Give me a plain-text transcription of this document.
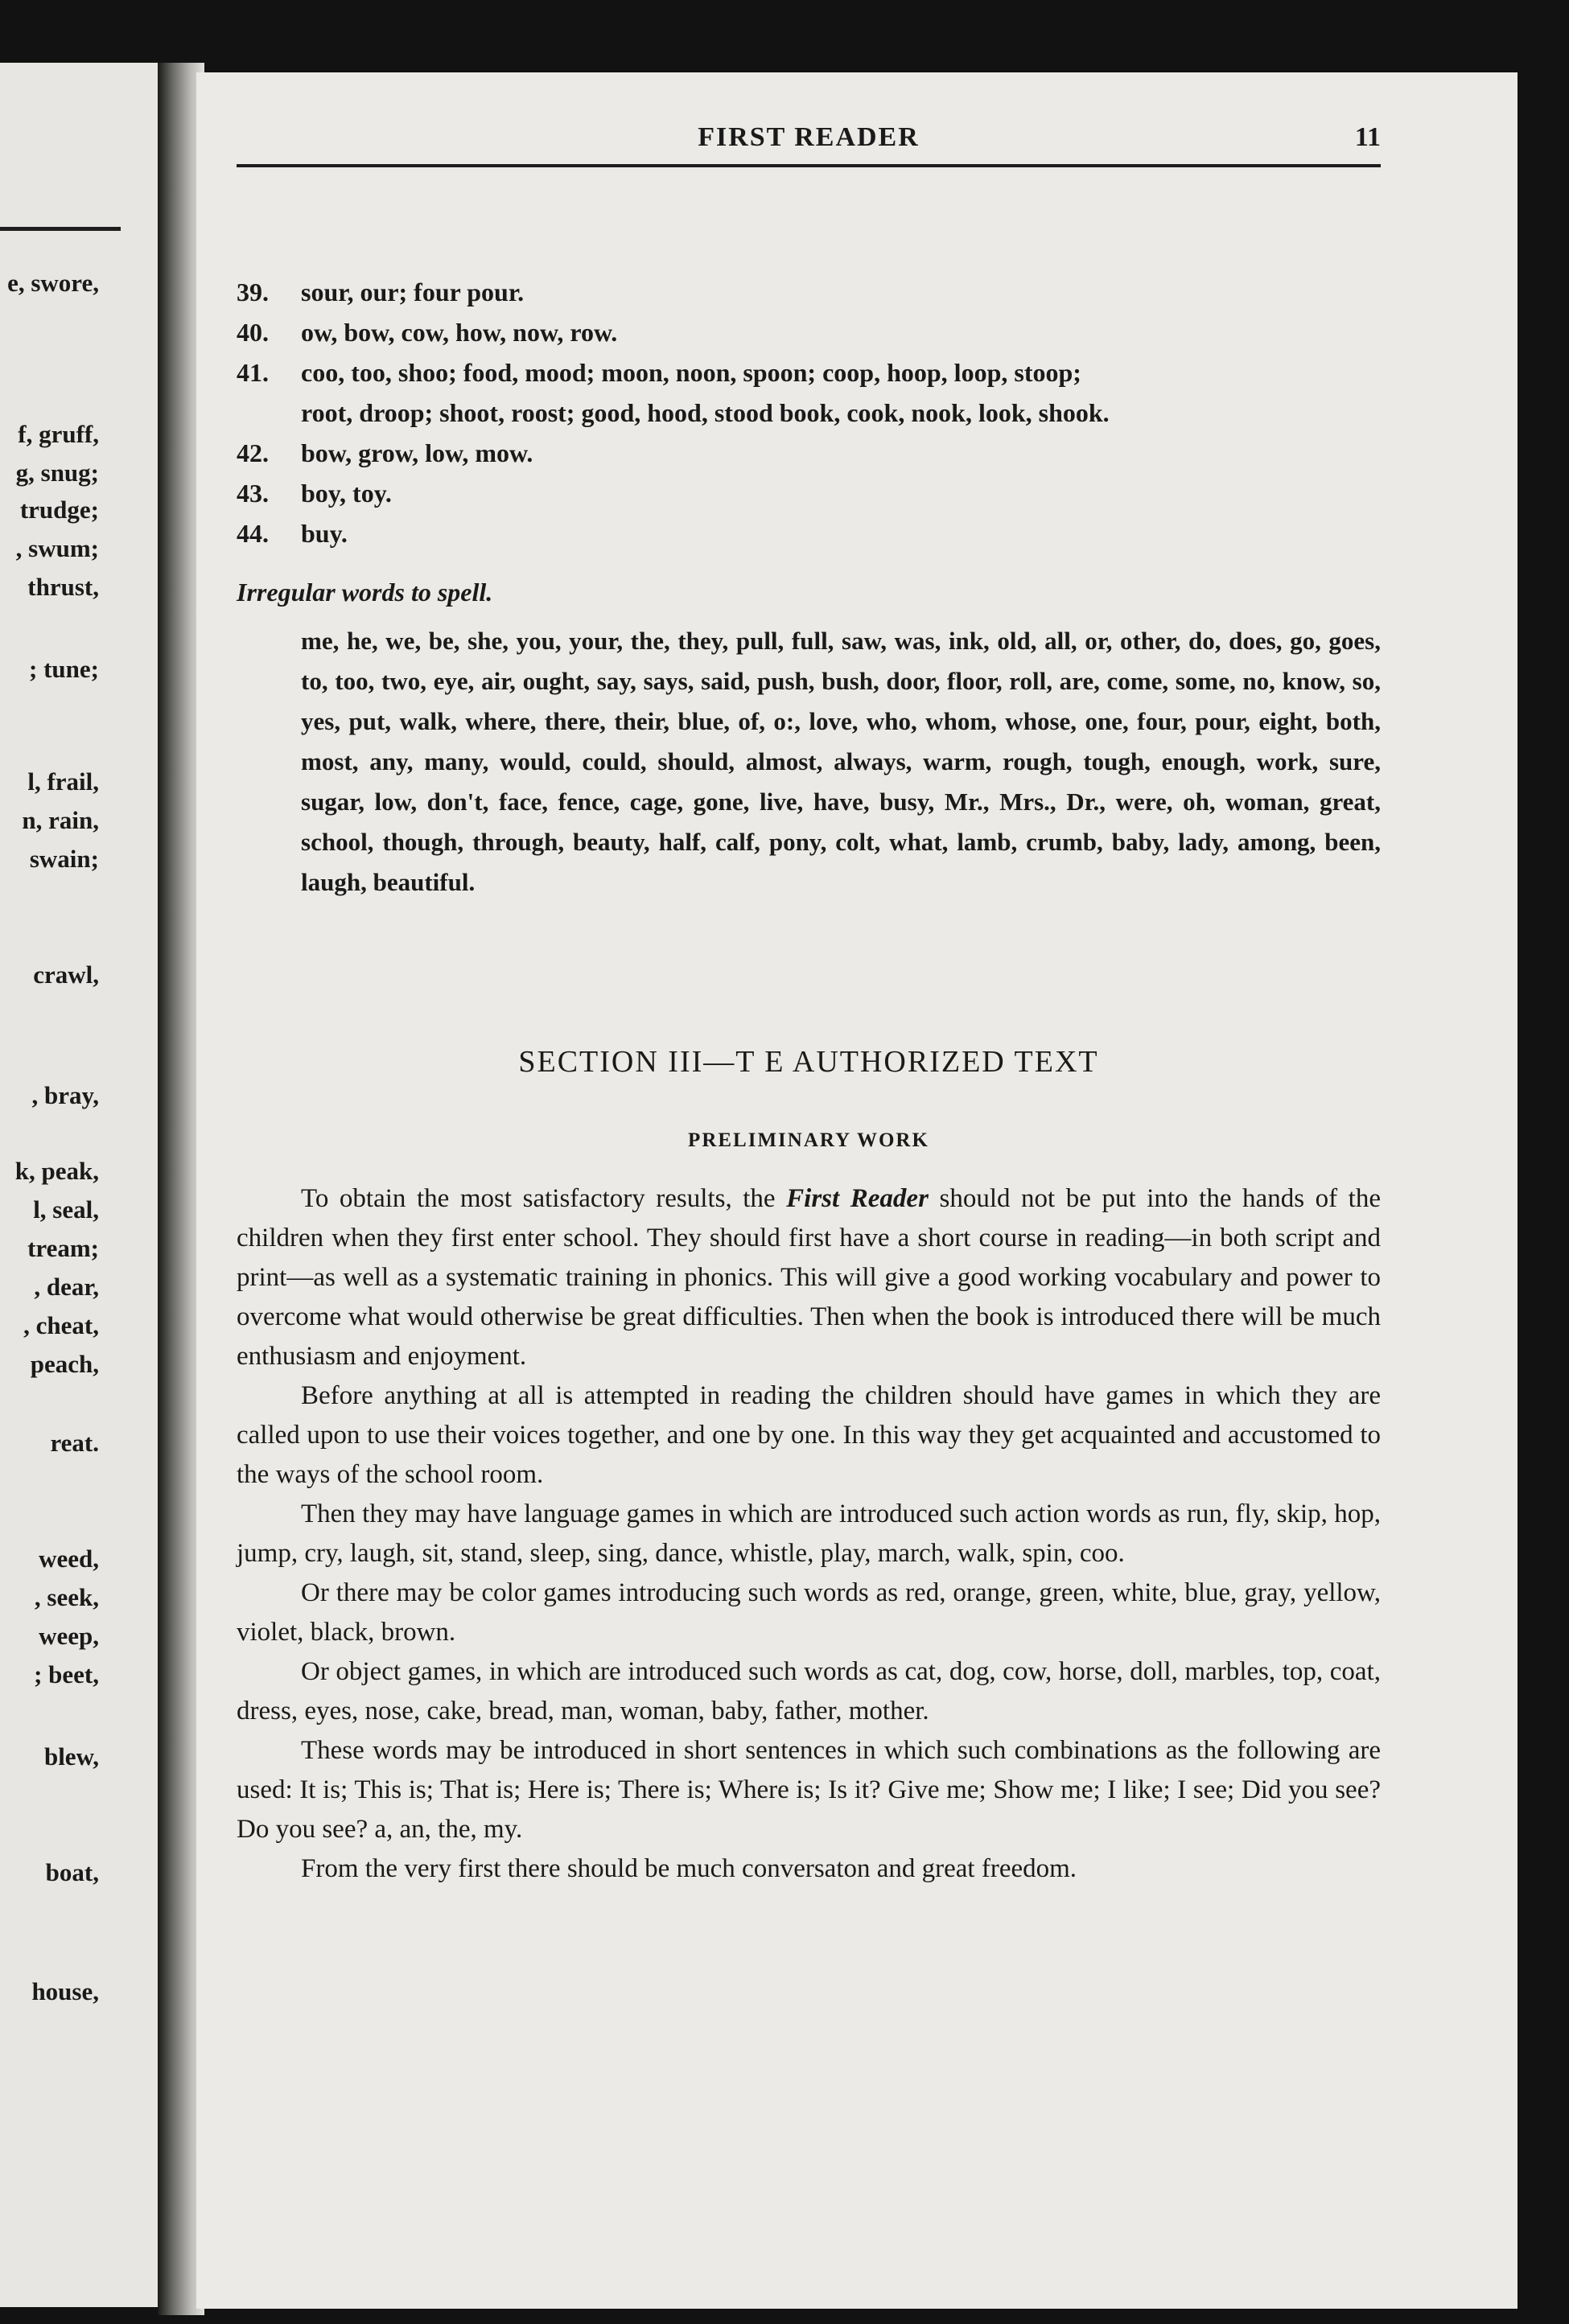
e, swore,
f, gruff,
g, snug;
trudge;
, swum;
thrust,
; tune;
l, frail,
n, rain,
swain;
crawl,
, bray,
k, peak,
l, seal,
tream;
, dear,
, cheat,
peach,
reat.
weed,
, seek,
weep,
; beet,
blew,
boat,
house,
FIRST READER	11
39. sour, our; four pour.
40. ow, bow, cow, how, now, row.
41. coo, too, shoo; food, mood; moon, noon, spoon; coop, hoop, loop, stoop;
root, droop; shoot, roost; good, hood, stood book, cook, nook, look, shook.
42. bow, grow, low, mow.
43. boy, toy.
44. buy.
Irregular words to spell.
me, he, we, be, she, you, your, the, they, pull, full, saw, was, ink, old, all, or, other, do, does, go, goes, to, too, two, eye, air, ought, say, says, said, push, bush, door, floor, roll, are, come, some, no, know, so, yes, put, walk, where, there, their, blue, of, o:, love, who, whom, whose, one, four, pour, eight, both, most, any, many, would, could, should, almost, always, warm, rough, tough, enough, work, sure, sugar, low, don't, face, fence, cage, gone, live, have, busy, Mr., Mrs., Dr., were, oh, woman, great, school, though, through, beauty, half, calf, pony, colt, what, lamb, crumb, baby, lady, among, been, laugh, beautiful.
SECTION III—T E AUTHORIZED TEXT
PRELIMINARY WORK

To obtain the most satisfactory results, the First Reader should not be put into the hands of the children when they first enter school. They should first have a short course in reading—in both script and print—as well as a systematic training in phonics. This will give a good working vocabulary and power to overcome what would otherwise be great difficulties. Then when the book is introduced there will be much enthusiasm and enjoyment.

Before anything at all is attempted in reading the children should have games in which they are called upon to use their voices together, and one by one. In this way they get acquainted and accustomed to the ways of the school room.

Then they may have language games in which are introduced such action words as run, fly, skip, hop, jump, cry, laugh, sit, stand, sleep, sing, dance, whistle, play, march, walk, spin, coo.

Or there may be color games introducing such words as red, orange, green, white, blue, gray, yellow, violet, black, brown.

Or object games, in which are introduced such words as cat, dog, cow, horse, doll, marbles, top, coat, dress, eyes, nose, cake, bread, man, woman, baby, father, mother.

These words may be introduced in short sentences in which such combinations as the following are used: It is; This is; That is; Here is; There is; Where is; Is it? Give me; Show me; I like; I see; Did you see? Do you see? a, an, the, my.

From the very first there should be much conversaton and great freedom.
